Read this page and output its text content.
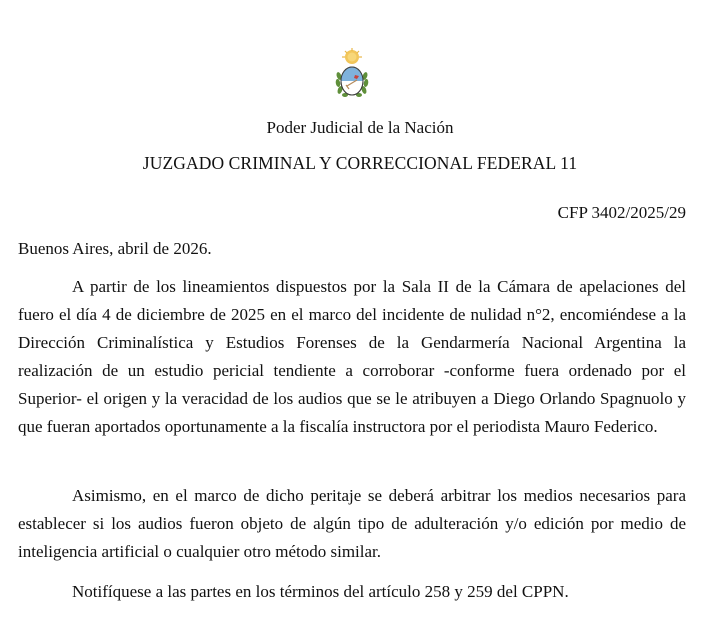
Poder Judicial de la Nación
JUZGADO CRIMINAL Y CORRECCIONAL FEDERAL 11
CFP 3402/2025/29
Buenos Aires, abril de 2026.

A partir de los lineamientos dispuestos por la Sala II de la Cámara de apelaciones del fuero el día 4 de diciembre de 2025 en el marco del incidente de nulidad n°2, encomiéndese a la Dirección Criminalística y Estudios Forenses de la Gendarmería Nacional Argentina la realización de un estudio pericial tendiente a corroborar -conforme fuera ordenado por el Superior- el origen y la veracidad de los audios que se le atribuyen a Diego Orlando Spagnuolo y que fueran aportados oportunamente a la fiscalía instructora por el periodista Mauro Federico.

Asimismo, en el marco de dicho peritaje se deberá arbitrar los medios necesarios para establecer si los audios fueron objeto de algún tipo de adulteración y/o edición por medio de inteligencia artificial o cualquier otro método similar.

Notifíquese a las partes en los términos del artículo 258 y 259 del CPPN.
